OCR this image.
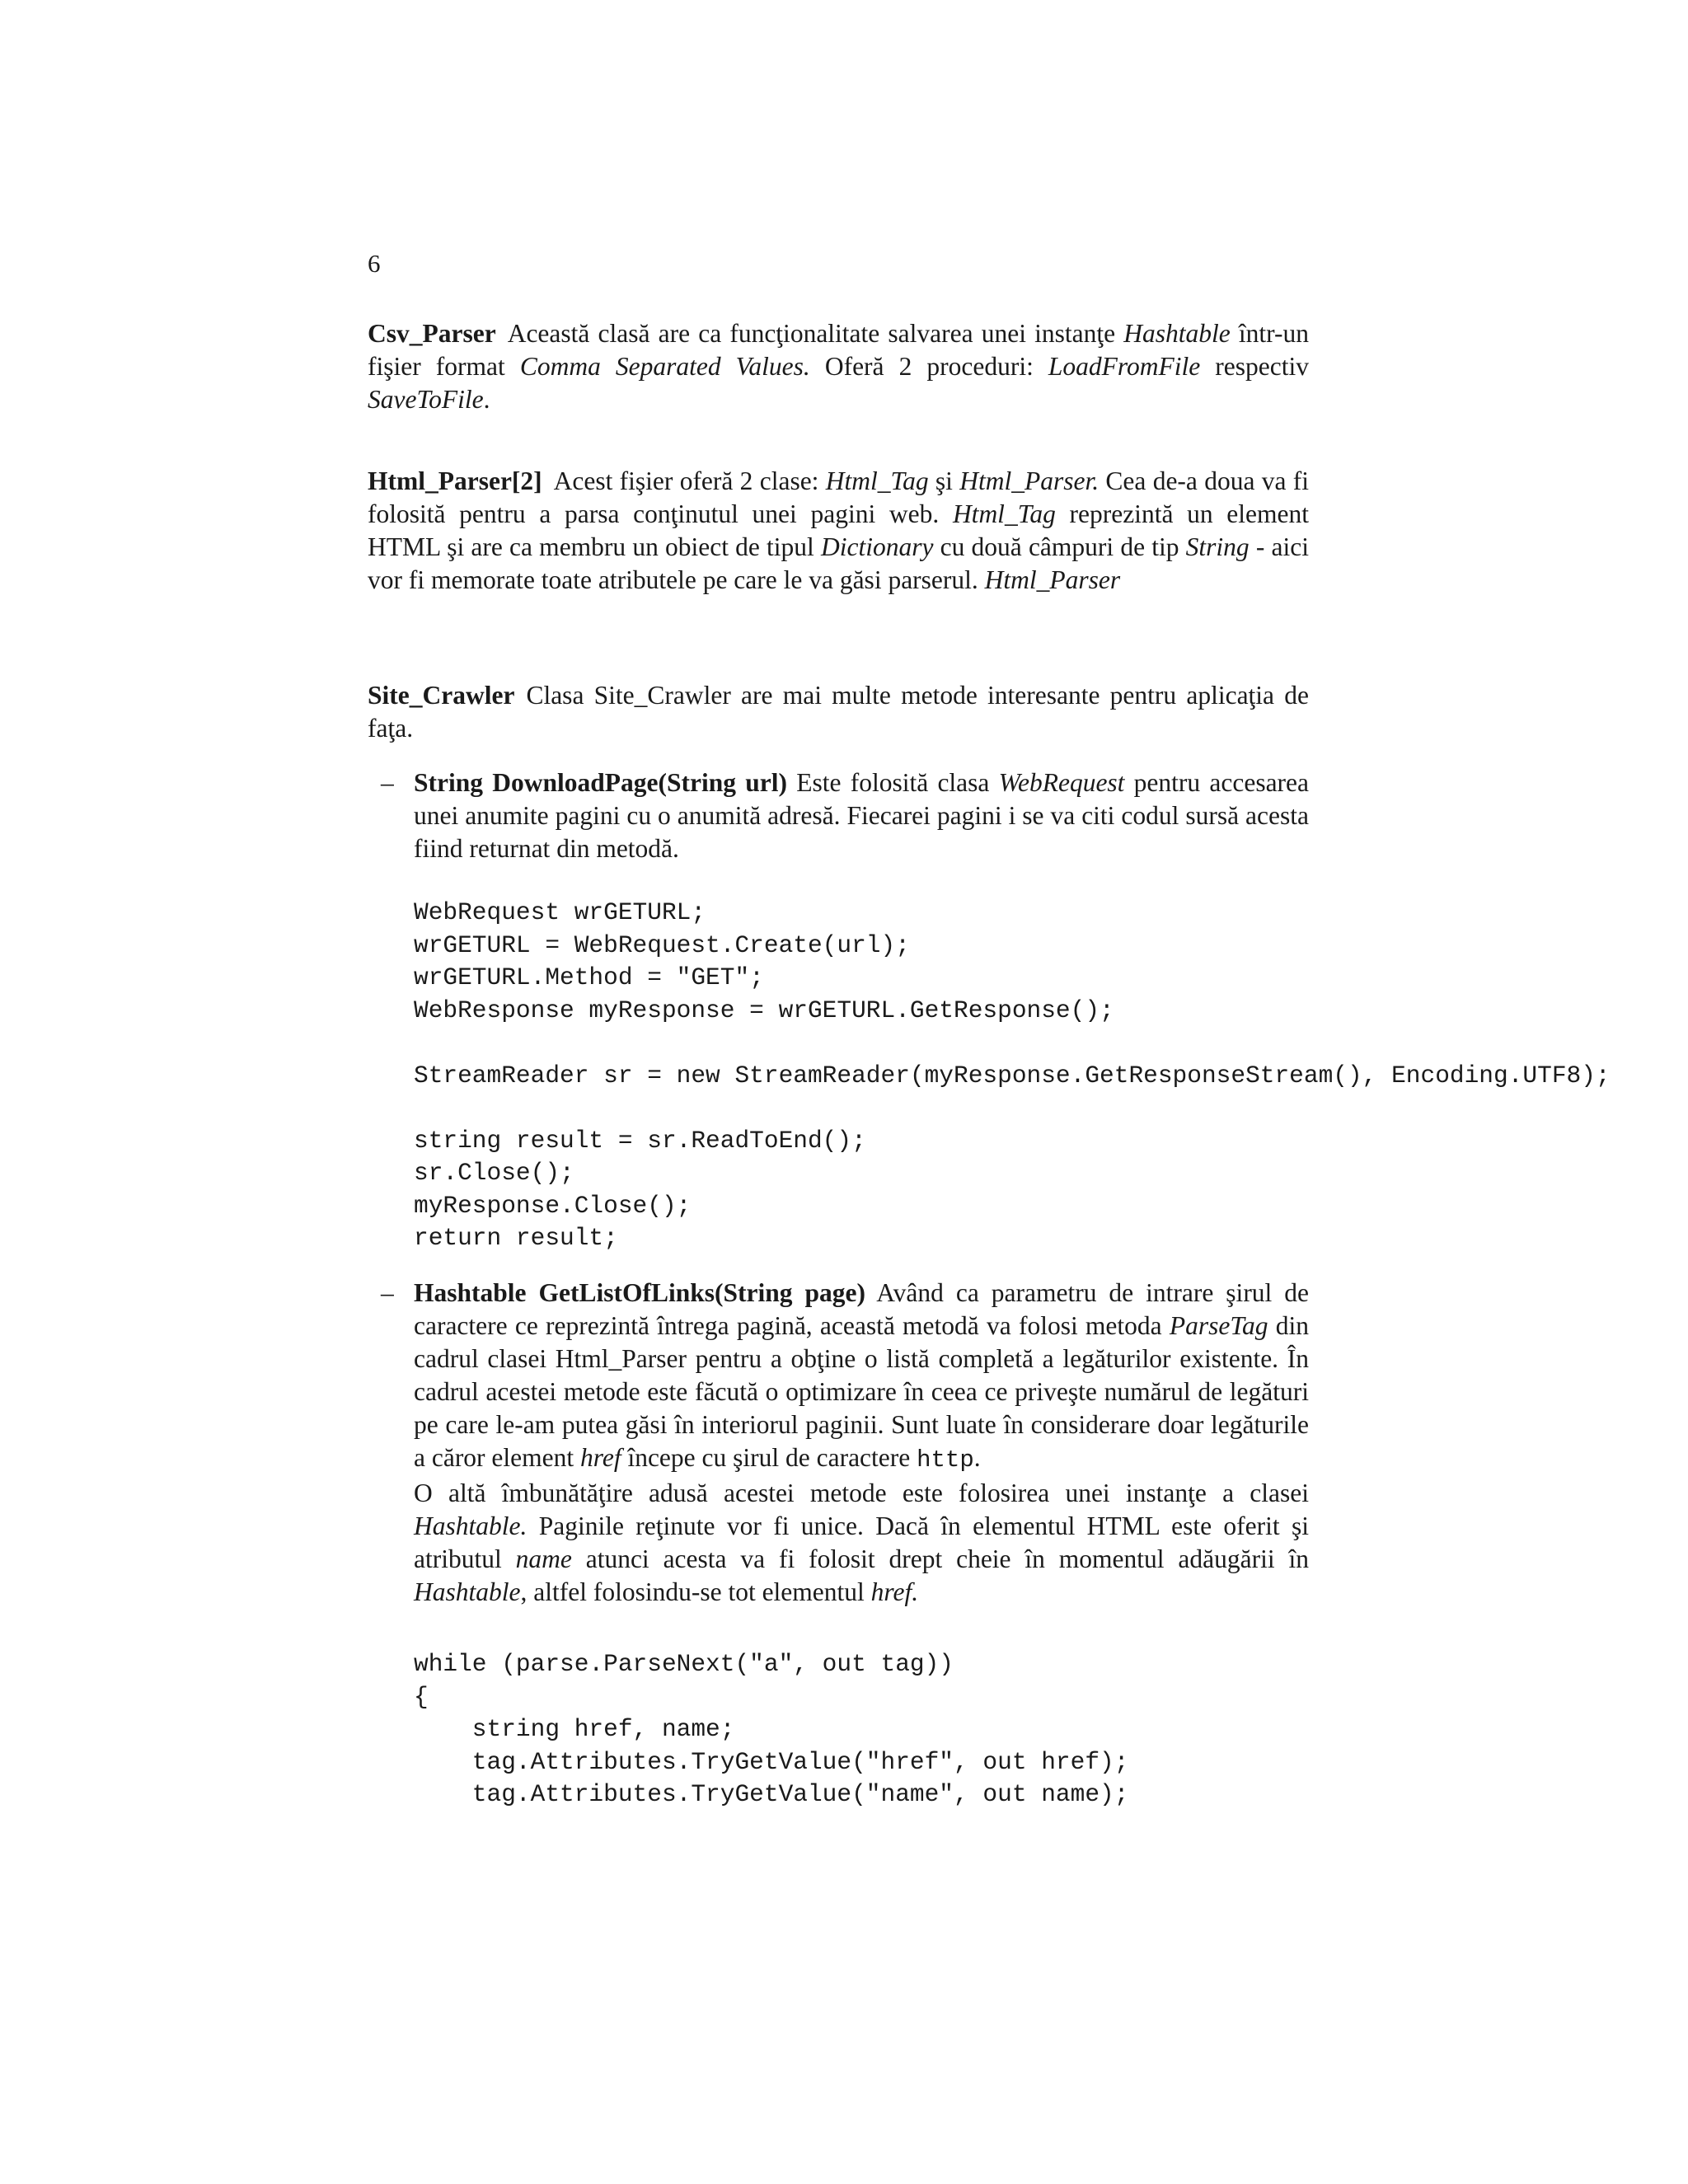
6
Csv_Parser Această clasă are ca funcţionalitate salvarea unei instanţe Hashtable într-un fişier format Comma Separated Values. Oferă 2 proceduri: LoadFromFile respectiv SaveToFile.
Html_Parser[2] Acest fişier oferă 2 clase: Html_Tag şi Html_Parser. Cea de-a doua va fi folosită pentru a parsa conţinutul unei pagini web. Html_Tag reprezintă un element HTML şi are ca membru un obiect de tipul Dictionary cu două câmpuri de tip String - aici vor fi memorate toate atributele pe care le va găsi parserul. Html_Parser
Site_Crawler Clasa Site_Crawler are mai multe metode interesante pentru aplicaţia de faţa.
– String DownloadPage(String url) Este folosită clasa WebRequest pentru accesarea unei anumite pagini cu o anumită adresă. Fiecarei pagini i se va citi codul sursă acesta fiind returnat din metodă.
WebRequest wrGETURL;
wrGETURL = WebRequest.Create(url);
wrGETURL.Method = "GET";
WebResponse myResponse = wrGETURL.GetResponse();

StreamReader sr = new StreamReader(myResponse.GetResponseStream(), Encoding.UTF8);

string result = sr.ReadToEnd();
sr.Close();
myResponse.Close();
return result;
– Hashtable GetListOfLinks(String page) Având ca parametru de intrare şirul de caractere ce reprezintă întrega pagină, această metodă va folosi metoda ParseTag din cadrul clasei Html_Parser pentru a obţine o listă completă a legăturilor existente. În cadrul acestei metode este făcută o optimizare în ceea ce priveşte numărul de legături pe care le-am putea găsi în interiorul paginii. Sunt luate în considerare doar legăturile a căror element href începe cu şirul de caractere http.
O altă îmbunătăţire adusă acestei metode este folosirea unei instanţe a clasei Hashtable. Paginile reţinute vor fi unice. Dacă în elementul HTML este oferit şi atributul name atunci acesta va fi folosit drept cheie în momentul adăugării în Hashtable, altfel folosindu-se tot elementul href.
while (parse.ParseNext("a", out tag))
{
string href, name;
tag.Attributes.TryGetValue("href", out href);
tag.Attributes.TryGetValue("name", out name);
